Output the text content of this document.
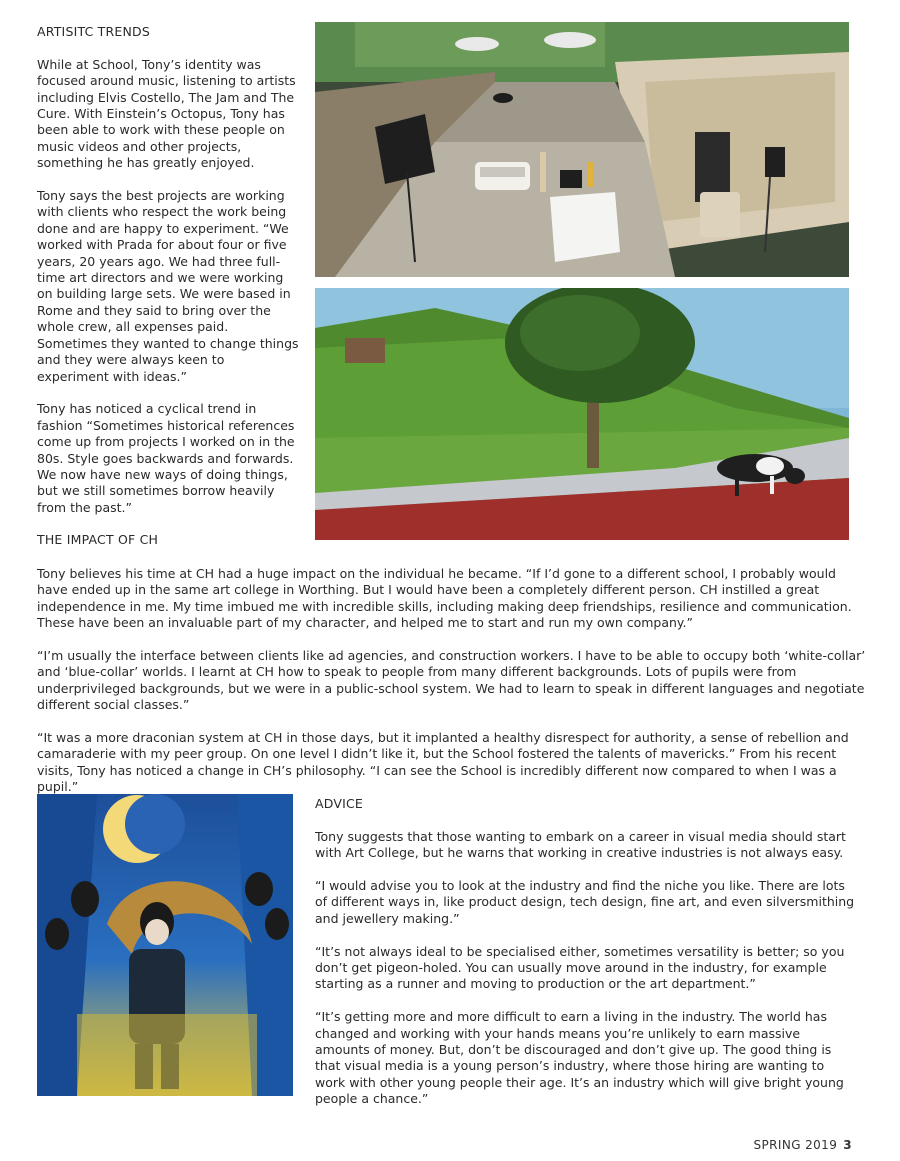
ARTISITC TRENDS

While at School, Tony’s identity was focused around music, listening to artists including Elvis Costello, The Jam and The Cure. With Einstein’s Octopus, Tony has been able to work with these people on music videos and other projects, something he has greatly enjoyed.

Tony says the best projects are working with clients who respect the work being done and are happy to experiment. “We worked with Prada for about four or five years, 20 years ago. We had three full-time art directors and we were working on building large sets. We were based in Rome and they said to bring over the whole crew, all expenses paid. Sometimes they wanted to change things and they were always keen to experiment with ideas.”

Tony has noticed a cyclical trend in fashion “Sometimes historical references come up from projects I worked on in the 80s. Style goes backwards and forwards. We now have new ways of doing things, but we still sometimes borrow heavily from the past.”

THE IMPACT OF CH

Tony believes his time at CH had a huge impact on the individual he became. “If I’d gone to a different school, I probably would have ended up in the same art college in Worthing. But I would have been a completely different person. CH instilled a great independence in me. My time imbued me with incredible skills, including making deep friendships, resilience and communication. These have been an invaluable part of my character, and helped me to start and run my own company.”

“I’m usually the interface between clients like ad agencies, and construction workers. I have to be able to occupy both ‘white-collar’ and ‘blue-collar’ worlds. I learnt at CH how to speak to people from many different backgrounds. Lots of pupils were from underprivileged backgrounds, but we were in a public-school system. We had to learn to speak in different languages and negotiate different social classes.”

“It was a more draconian system at CH in those days, but it implanted a healthy disrespect for authority, a sense of rebellion and camaraderie with my peer group. On one level I didn’t like it, but the School fostered the talents of mavericks.” From his recent visits, Tony has noticed a change in CH’s philosophy. “I can see the School is incredibly different now compared to when I was a pupil.”

ADVICE

Tony suggests that those wanting to embark on a career in visual media should start with Art College, but he warns that working in creative industries is not always easy.

“I would advise you to look at the industry and find the niche you like. There are lots of different ways in, like product design, tech design, fine art, and even silversmithing and jewellery making.”

“It’s not always ideal to be specialised either, sometimes versatility is better; so you don’t get pigeon-holed. You can usually move around in the industry, for example starting as a runner and moving to production or the art department.”

“It’s getting more and more difficult to earn a living in the industry. The world has changed and working with your hands means you’re unlikely to earn massive amounts of money. But, don’t be discouraged and don’t give up. The good thing is that visual media is a young person’s industry, where those hiring are wanting to work with other young people their age. It’s an industry which will give bright young people a chance.”

SPRING 2019 3
